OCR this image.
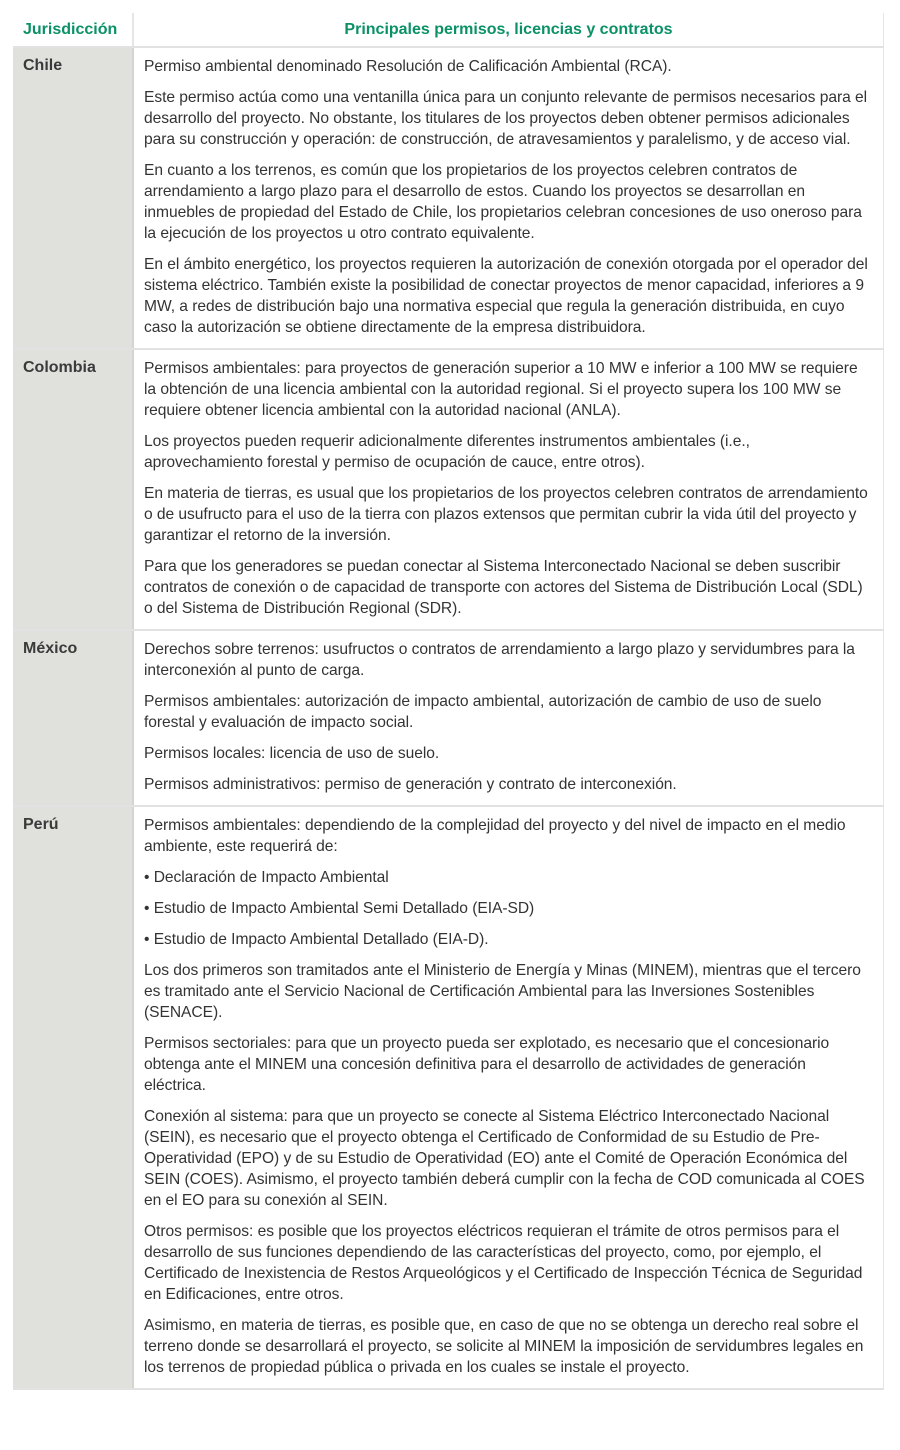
Jurisdicción	Principales permisos, licencias y contratos
Chile	Permiso ambiental denominado Resolución de Calificación Ambiental (RCA).

Este permiso actúa como una ventanilla única para un conjunto relevante de permisos necesarios para el desarrollo del proyecto. No obstante, los titulares de los proyectos deben obtener permisos adicionales para su construcción y operación: de construcción, de atravesamientos y paralelismo, y de acceso vial.

En cuanto a los terrenos, es común que los propietarios de los proyectos celebren contratos de arrendamiento a largo plazo para el desarrollo de estos. Cuando los proyectos se desarrollan en inmuebles de propiedad del Estado de Chile, los propietarios celebran concesiones de uso oneroso para la ejecución de los proyectos u otro contrato equivalente.

En el ámbito energético, los proyectos requieren la autorización de conexión otorgada por el operador del sistema eléctrico. También existe la posibilidad de conectar proyectos de menor capacidad, inferiores a 9 MW, a redes de distribución bajo una normativa especial que regula la generación distribuida, en cuyo caso la autorización se obtiene directamente de la empresa distribuidora.

Colombia	Permisos ambientales: para proyectos de generación superior a 10 MW e inferior a 100 MW se requiere la obtención de una licencia ambiental con la autoridad regional. Si el proyecto supera los 100 MW se requiere obtener licencia ambiental con la autoridad nacional (ANLA).

Los proyectos pueden requerir adicionalmente diferentes instrumentos ambientales (i.e., aprovechamiento forestal y permiso de ocupación de cauce, entre otros).

En materia de tierras, es usual que los propietarios de los proyectos celebren contratos de arrendamiento o de usufructo para el uso de la tierra con plazos extensos que permitan cubrir la vida útil del proyecto y garantizar el retorno de la inversión.

Para que los generadores se puedan conectar al Sistema Interconectado Nacional se deben suscribir contratos de conexión o de capacidad de transporte con actores del Sistema de Distribución Local (SDL) o del Sistema de Distribución Regional (SDR).

México	Derechos sobre terrenos: usufructos o contratos de arrendamiento a largo plazo y servidumbres para la interconexión al punto de carga.

Permisos ambientales: autorización de impacto ambiental, autorización de cambio de uso de suelo forestal y evaluación de impacto social.

Permisos locales: licencia de uso de suelo.

Permisos administrativos: permiso de generación y contrato de interconexión.

Perú	Permisos ambientales: dependiendo de la complejidad del proyecto y del nivel de impacto en el medio ambiente, este requerirá de:

• Declaración de Impacto Ambiental

• Estudio de Impacto Ambiental Semi Detallado (EIA-SD)

• Estudio de Impacto Ambiental Detallado (EIA-D).

Los dos primeros son tramitados ante el Ministerio de Energía y Minas (MINEM), mientras que el tercero es tramitado ante el Servicio Nacional de Certificación Ambiental para las Inversiones Sostenibles (SENACE).

Permisos sectoriales: para que un proyecto pueda ser explotado, es necesario que el concesionario obtenga ante el MINEM una concesión definitiva para el desarrollo de actividades de generación eléctrica.

Conexión al sistema: para que un proyecto se conecte al Sistema Eléctrico Interconectado Nacional (SEIN), es necesario que el proyecto obtenga el Certificado de Conformidad de su Estudio de Pre-Operatividad (EPO) y de su Estudio de Operatividad (EO) ante el Comité de Operación Económica del SEIN (COES). Asimismo, el proyecto también deberá cumplir con la fecha de COD comunicada al COES en el EO para su conexión al SEIN.

Otros permisos: es posible que los proyectos eléctricos requieran el trámite de otros permisos para el desarrollo de sus funciones dependiendo de las características del proyecto, como, por ejemplo, el Certificado de Inexistencia de Restos Arqueológicos y el Certificado de Inspección Técnica de Seguridad en Edificaciones, entre otros.

Asimismo, en materia de tierras, es posible que, en caso de que no se obtenga un derecho real sobre el terreno donde se desarrollará el proyecto, se solicite al MINEM la imposición de servidumbres legales en los terrenos de propiedad pública o privada en los cuales se instale el proyecto.
